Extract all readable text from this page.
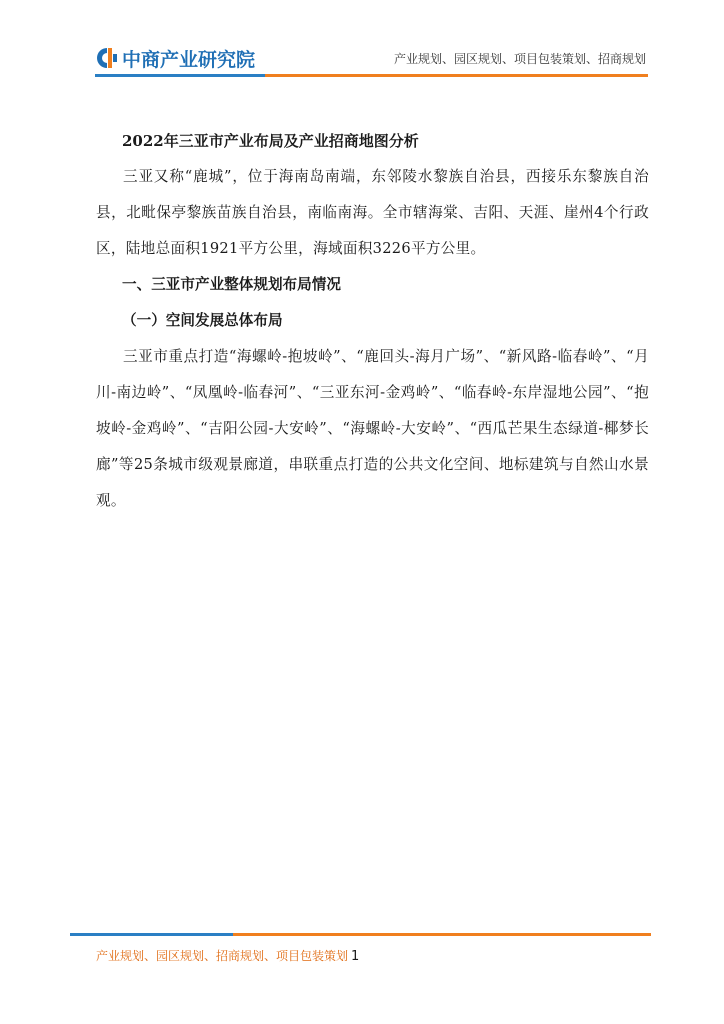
中商产业研究院	产业规划、园区规划、项目包装策划、招商规划
2022年三亚市产业布局及产业招商地图分析

三亚又称“鹿城”，位于海南岛南端，东邻陵水黎族自治县，西接乐东黎族自治县，北毗保亭黎族苗族自治县，南临南海。全市辖海棠、吉阳、天涯、崖州4个行政区，陆地总面积1921平方公里，海域面积3226平方公里。

一、三亚市产业整体规划布局情况
（一）空间发展总体布局

三亚市重点打造“海螺岭-抱坡岭”、“鹿回头-海月广场”、“新风路-临春岭”、“月川-南边岭”、“凤凰岭-临春河”、“三亚东河-金鸡岭”、“临春岭-东岸湿地公园”、“抱坡岭-金鸡岭”、“吉阳公园-大安岭”、“海螺岭-大安岭”、“西瓜芒果生态绿道-椰梦长廊”等25条城市级观景廊道，串联重点打造的公共文化空间、地标建筑与自然山水景观。

产业规划、园区规划、招商规划、项目包装策划 1
